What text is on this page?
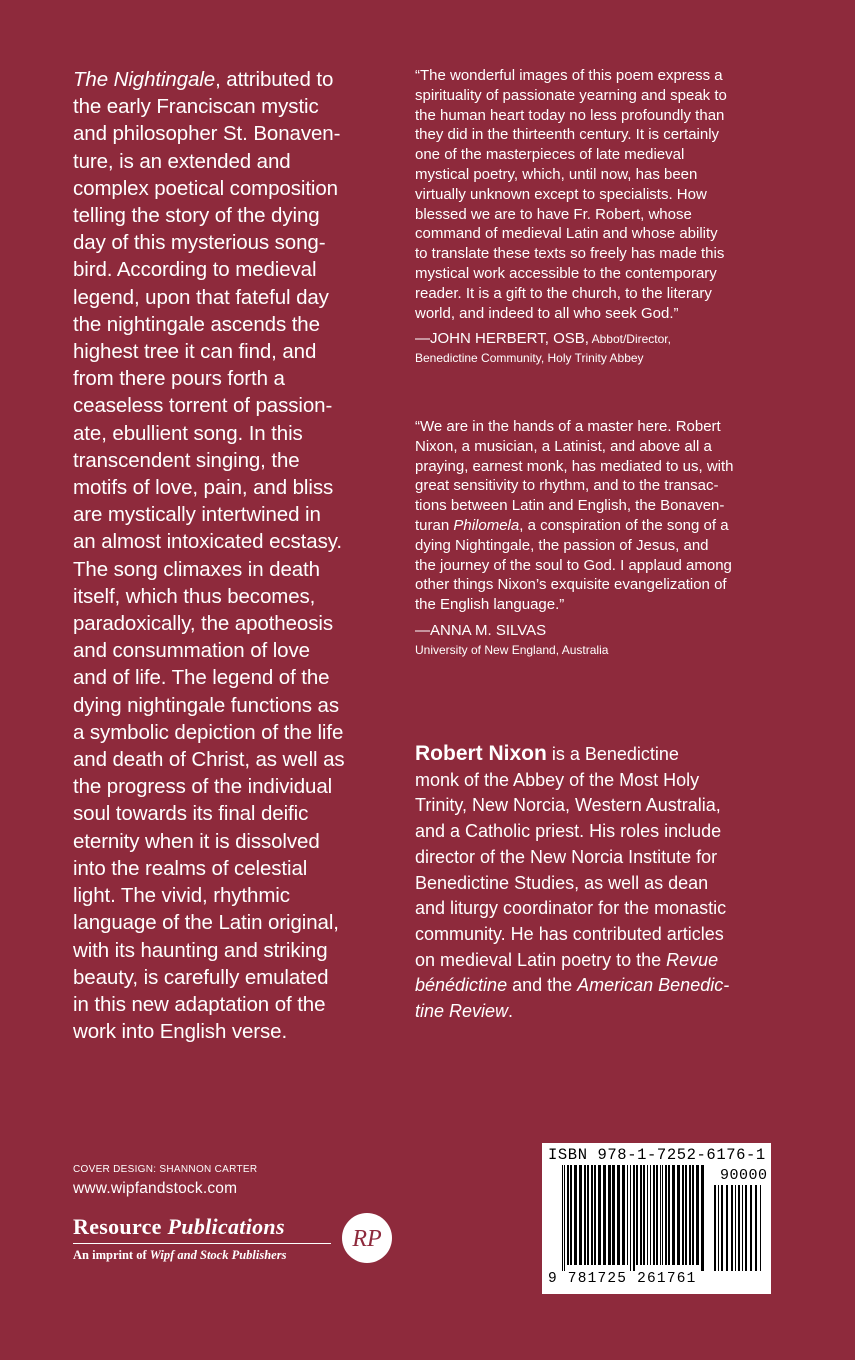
The Nightingale, attributed to
the early Franciscan mystic
and philosopher St. Bonaven-
ture, is an extended and
complex poetical composition
telling the story of the dying
day of this mysterious song-
bird. According to medieval
legend, upon that fateful day
the nightingale ascends the
highest tree it can find, and
from there pours forth a
ceaseless torrent of passion-
ate, ebullient song. In this
transcendent singing, the
motifs of love, pain, and bliss
are mystically intertwined in
an almost intoxicated ecstasy.
The song climaxes in death
itself, which thus becomes,
paradoxically, the apotheosis
and consummation of love
and of life. The legend of the
dying nightingale functions as
a symbolic depiction of the life
and death of Christ, as well as
the progress of the individual
soul towards its final deific
eternity when it is dissolved
into the realms of celestial
light. The vivid, rhythmic
language of the Latin original,
with its haunting and striking
beauty, is carefully emulated
in this new adaptation of the
work into English verse.
“The wonderful images of this poem express a
spirituality of passionate yearning and speak to
the human heart today no less profoundly than
they did in the thirteenth century. It is certainly
one of the masterpieces of late medieval
mystical poetry, which, until now, has been
virtually unknown except to specialists. How
blessed we are to have Fr. Robert, whose
command of medieval Latin and whose ability
to translate these texts so freely has made this
mystical work accessible to the contemporary
reader. It is a gift to the church, to the literary
world, and indeed to all who seek God.”
—JOHN HERBERT, OSB, Abbot/Director,
Benedictine Community, Holy Trinity Abbey
“We are in the hands of a master here. Robert
Nixon, a musician, a Latinist, and above all a
praying, earnest monk, has mediated to us, with
great sensitivity to rhythm, and to the transac-
tions between Latin and English, the Bonaven-
turan Philomela, a conspiration of the song of a
dying Nightingale, the passion of Jesus, and
the journey of the soul to God. I applaud among
other things Nixon’s exquisite evangelization of
the English language.”
—ANNA M. SILVAS
University of New England, Australia
Robert Nixon is a Benedictine
monk of the Abbey of the Most Holy
Trinity, New Norcia, Western Australia,
and a Catholic priest. His roles include
director of the New Norcia Institute for
Benedictine Studies, as well as dean
and liturgy coordinator for the monastic
community. He has contributed articles
on medieval Latin poetry to the Revue
bénédictine and the American Benedic-
tine Review.
COVER DESIGN: SHANNON CARTER
www.wipfandstock.com
Resource Publications
An imprint of Wipf and Stock Publishers
RP
ISBN 978-1-7252-6176-1
90000
9 781725 261761
